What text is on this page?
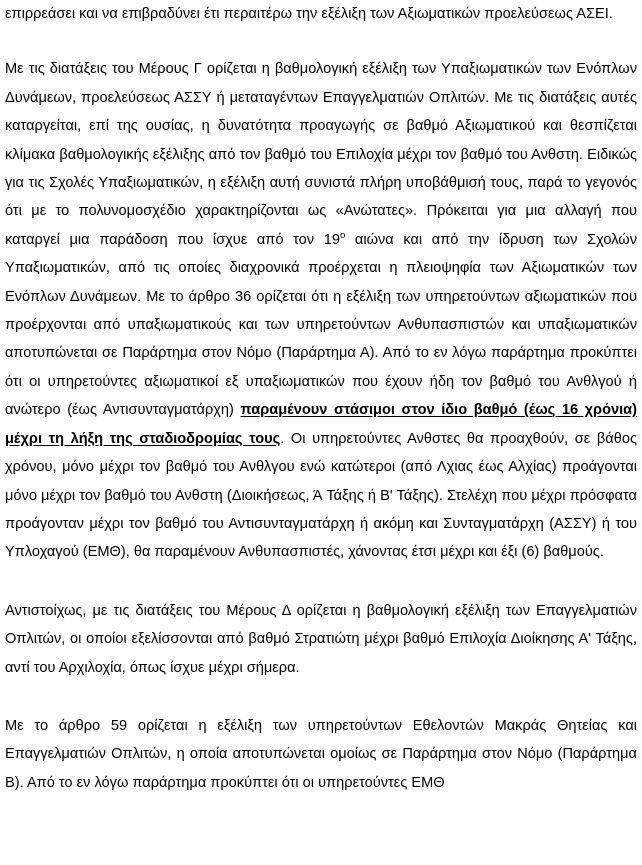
επιρρεάσει και να επιβραδύνει έτι περαιτέρω την εξέλιξη των Αξιωματικών προελεύσεως ΑΣΕΙ.

Με τις διατάξεις του Μέρους Γ ορίζεται η βαθμολογική εξέλιξη των Υπαξιωματικών των Ενόπλων Δυνάμεων, προελεύσεως ΑΣΣΥ ή μεταταγέντων Επαγγελματιών Οπλιτών. Με τις διατάξεις αυτές καταργείται, επί της ουσίας, η δυνατότητα προαγωγής σε βαθμό Αξιωματικού και θεσπίζεται κλίμακα βαθμολογικής εξέλιξης από τον βαθμό του Επιλοχία μέχρι τον βαθμό του Ανθστη. Ειδικώς για τις Σχολές Υπαξιωματικών, η εξέλιξη αυτή συνιστά πλήρη υποβάθμισή τους, παρά το γεγονός ότι με το πολυνομοσχέδιο χαρακτηρίζονται ως «Ανώτατες». Πρόκειται για μια αλλαγή που καταργεί μια παράδοση που ίσχυε από τον $19^o$ αιώνα και από την ίδρυση των Σχολών Υπαξιωματικών, από τις οποίες διαχρονικά προέρχεται η πλειοψηφία των Αξιωματικών των Ενόπλων Δυνάμεων. Με το άρθρο 36 ορίζεται ότι η εξέλιξη των υπηρετούντων αξιωματικών που προέρχονται από υπαξιωματικούς και των υπηρετούντων Ανθυπασπιστών και υπαξιωματικών αποτυπώνεται σε Παράρτημα στον Νόμο (Παράρτημα Α). Από το εν λόγω παράρτημα προκύπτει ότι οι υπηρετούντες αξιωματικοί εξ υπαξιωματικών που έχουν ήδη τον βαθμό του Ανθλγού ή ανώτερο (έως Αντισυνταγματάρχη) παραμένουν στάσιμοι στον ίδιο βαθμό (έως 16 χρόνια) μέχρι τη λήξη της σταδιοδρομίας τους. Οι υπηρετούντες Ανθστες θα προαχθούν, σε βάθος χρόνου, μόνο μέχρι τον βαθμό του Ανθλγου ενώ κατώτεροι (από Λχιας έως Αλχίας) προάγονται μόνο μέχρι τον βαθμό του Ανθστη (Διοικήσεως, Ά Τάξης ή Β' Τάξης). Στελέχη που μέχρι πρόσφατα προάγονταν μέχρι τον βαθμό του Αντισυνταγματάρχη ή ακόμη και Συνταγματάρχη (ΑΣΣΥ) ή του Υπλοχαγού (ΕΜΘ), θα παραμένουν Ανθυπασπιστές, χάνοντας έτσι μέχρι και έξι (6) βαθμούς.

Αντιστοίχως, με τις διατάξεις του Μέρους Δ ορίζεται η βαθμολογική εξέλιξη των Επαγγελματιών Οπλιτών, οι οποίοι εξελίσσονται από βαθμό Στρατιώτη μέχρι βαθμό Επιλοχία Διοίκησης Α' Τάξης, αντί του Αρχιλοχία, όπως ίσχυε μέχρι σήμερα.

Με το άρθρο 59 ορίζεται η εξέλιξη των υπηρετούντων Εθελοντών Μακράς Θητείας και Επαγγελματιών Οπλιτών, η οποία αποτυπώνεται ομοίως σε Παράρτημα στον Νόμο (Παράρτημα Β). Από το εν λόγω παράρτημα προκύπτει ότι οι υπηρετούντες ΕΜΘ
